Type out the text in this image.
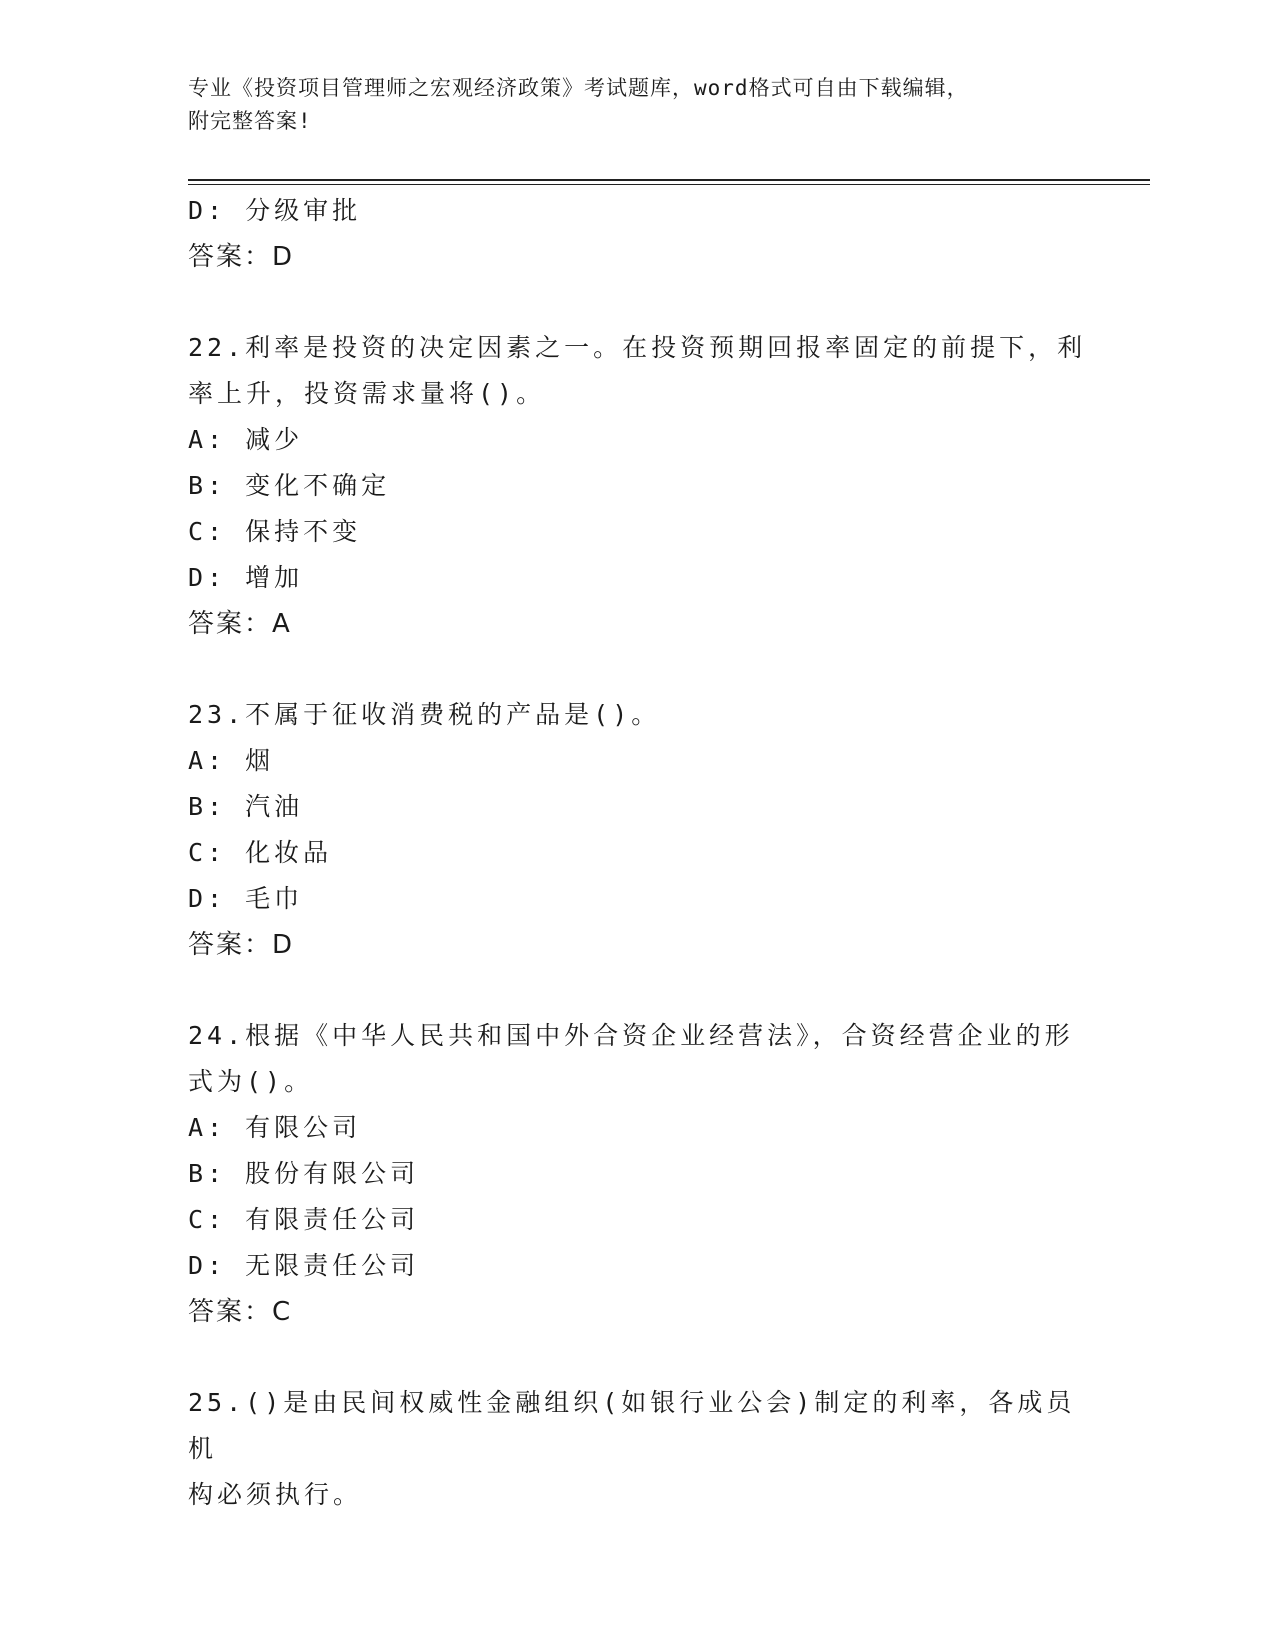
专业《投资项目管理师之宏观经济政策》考试题库，word格式可自由下载编辑，
附完整答案!
D: 分级审批
答案：D
22.利率是投资的决定因素之一。在投资预期回报率固定的前提下，利
率上升，投资需求量将()。
A: 减少
B: 变化不确定
C: 保持不变
D: 增加
答案：A
23.不属于征收消费税的产品是()。
A: 烟
B: 汽油
C: 化妆品
D: 毛巾
答案：D
24.根据《中华人民共和国中外合资企业经营法》，合资经营企业的形
式为()。
A: 有限公司
B: 股份有限公司
C: 有限责任公司
D: 无限责任公司
答案：C
25.()是由民间权威性金融组织(如银行业公会)制定的利率，各成员机
构必须执行。
